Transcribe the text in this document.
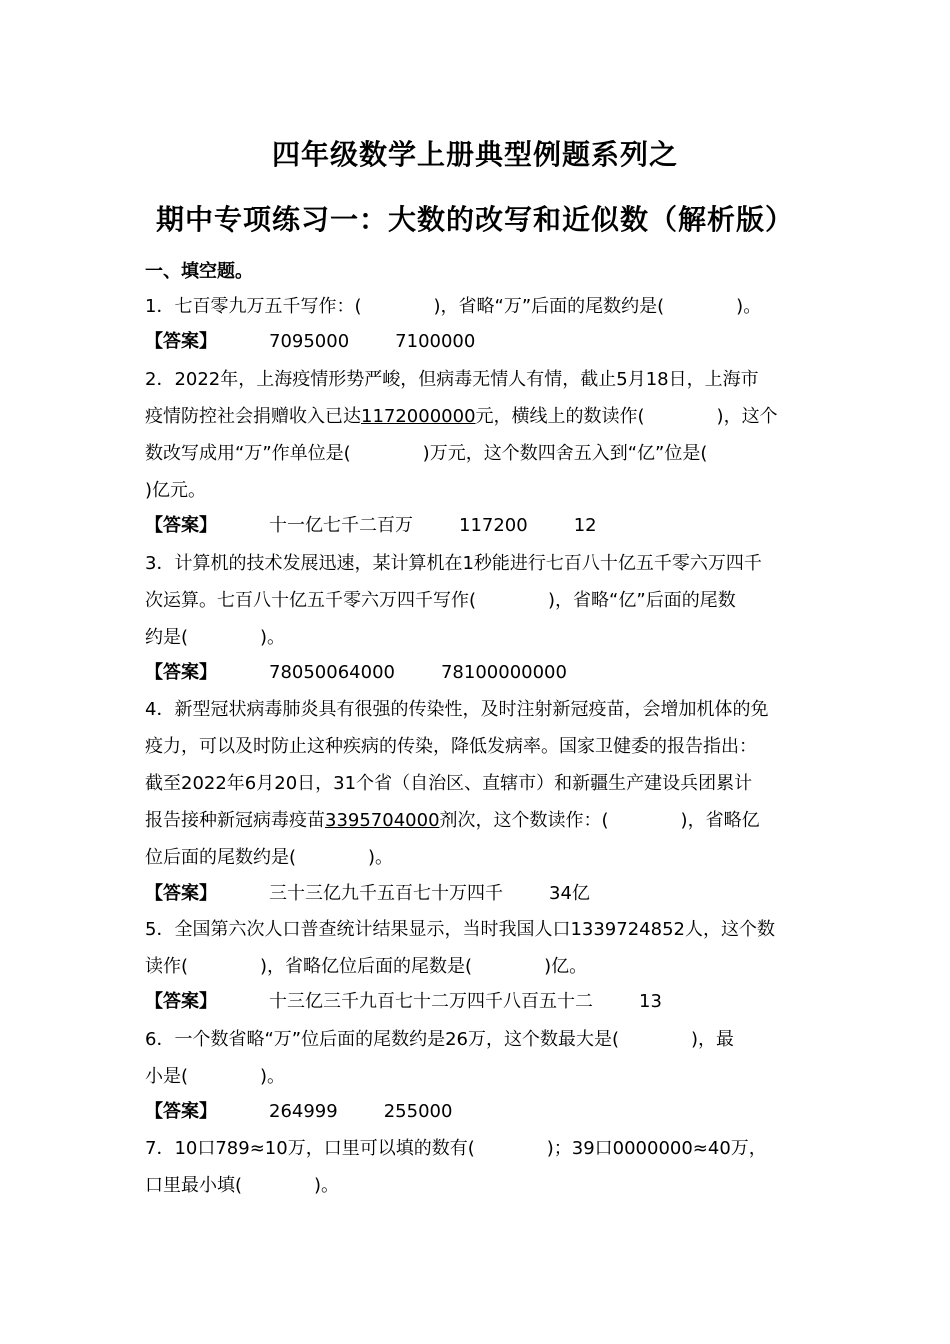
四年级数学上册典型例题系列之
期中专项练习一：大数的改写和近似数（解析版）
一、填空题。
1．七百零九万五千写作：(　　　　)，省略“万”后面的尾数约是(　　　　)。
【答案】	7095000	7100000
2．2022年，上海疫情形势严峻，但病毒无情人有情，截止5月18日，上海市
疫情防控社会捐赠收入已达1172000000元，横线上的数读作(　　　　)，这个
数改写成用“万”作单位是(　　　　)万元，这个数四舍五入到“亿”位是(
)亿元。
【答案】	十一亿七千二百万	117200	12
3．计算机的技术发展迅速，某计算机在1秒能进行七百八十亿五千零六万四千
次运算。七百八十亿五千零六万四千写作(　　　　)，省略“亿”后面的尾数
约是(　　　　)。
【答案】	78050064000	78100000000
4．新型冠状病毒肺炎具有很强的传染性，及时注射新冠疫苗，会增加机体的免
疫力，可以及时防止这种疾病的传染，降低发病率。国家卫健委的报告指出：
截至2022年6月20日，31个省（自治区、直辖市）和新疆生产建设兵团累计
报告接种新冠病毒疫苗3395704000剂次，这个数读作：(　　　　)，省略亿
位后面的尾数约是(　　　　)。
【答案】	三十三亿九千五百七十万四千	34亿
5．全国第六次人口普查统计结果显示，当时我国人口1339724852人，这个数
读作(　　　　)，省略亿位后面的尾数是(　　　　)亿。
【答案】	十三亿三千九百七十二万四千八百五十二	13
6．一个数省略“万”位后面的尾数约是26万，这个数最大是(　　　　)，最
小是(　　　　)。
【答案】	264999	255000
7．10口789≈10万，口里可以填的数有(　　　　)；39口0000000≈40万，
口里最小填(　　　　)。
